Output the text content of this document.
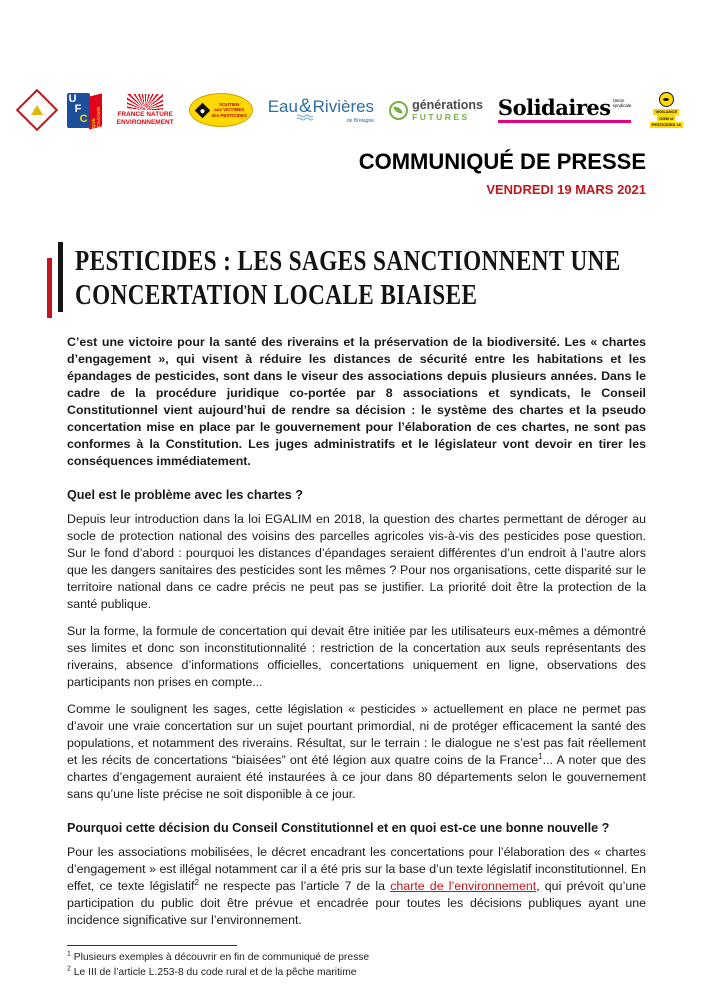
U
F
C QUE CHOISIR	FRANCE NATURE
ENVIRONNEMENT
SOUTIEN
aux VICTIMES
des PESTICIDES Eau&
Rivières
de Bretagne
générations
FUTURES	Solidaires Union
syndicale
VIGILANCE
OGM et
PESTICIDES 16
COMMUNIQUÉ DE PRESSE
VENDREDI 19 MARS 2021
PESTICIDES : LES SAGES SANCTIONNENT UNE
CONCERTATION LOCALE BIAISEE

C’est une victoire pour la santé des riverains et la préservation de la biodiversité. Les « chartes d’engagement », qui visent à réduire les distances de sécurité entre les habitations et les épandages de pesticides, sont dans le viseur des associations depuis plusieurs années. Dans le cadre de la procédure juridique co-portée par 8 associations et syndicats, le Conseil Constitutionnel vient aujourd’hui de rendre sa décision : le système des chartes et la pseudo concertation mise en place par le gouvernement pour l’élaboration de ces chartes, ne sont pas conformes à la Constitution. Les juges administratifs et le législateur vont devoir en tirer les conséquences immédiatement.

Quel est le problème avec les chartes ?

Depuis leur introduction dans la loi EGALIM en 2018, la question des chartes permettant de déroger au socle de protection national des voisins des parcelles agricoles vis-à-vis des pesticides pose question. Sur le fond d’abord : pourquoi les distances d’épandages seraient différentes d’un endroit à l’autre alors que les dangers sanitaires des pesticides sont les mêmes ? Pour nos organisations, cette disparité sur le territoire national dans ce cadre précis ne peut pas se justifier. La priorité doit être la protection de la santé publique.

Sur la forme, la formule de concertation qui devait être initiée par les utilisateurs eux-mêmes a démontré ses limites et donc son inconstitutionnalité : restriction de la concertation aux seuls représentants des riverains, absence d’informations officielles, concertations uniquement en ligne, observations des participants non prises en compte...

Comme le soulignent les sages, cette législation « pesticides » actuellement en place ne permet pas d’avoir une vraie concertation sur un sujet pourtant primordial, ni de protéger efficacement la santé des populations, et notamment des riverains. Résultat, sur le terrain : le dialogue ne s’est pas fait réellement et les récits de concertations “biaisées” ont été légion aux quatre coins de la France$^1$... A noter que des chartes d’engagement auraient été instaurées à ce jour dans 80 départements selon le gouvernement sans qu’une liste précise ne soit disponible à ce jour.

Pourquoi cette décision du Conseil Constitutionnel et en quoi est-ce une bonne nouvelle ?

Pour les associations mobilisées, le décret encadrant les concertations pour l’élaboration des « chartes d’engagement » est illégal notamment car il a été pris sur la base d’un texte législatif inconstitutionnel. En effet, ce texte législatif$^2$ ne respecte pas l’article 7 de la charte de l’environnement, qui prévoit qu’une participation du public doit être prévue et encadrée pour toutes les décisions publiques ayant une incidence significative sur l’environnement.

$^1$ Plusieurs exemples à découvrir en fin de communiqué de presse
$^2$ Le III de l’article L.253-8 du code rural et de la pêche maritime
